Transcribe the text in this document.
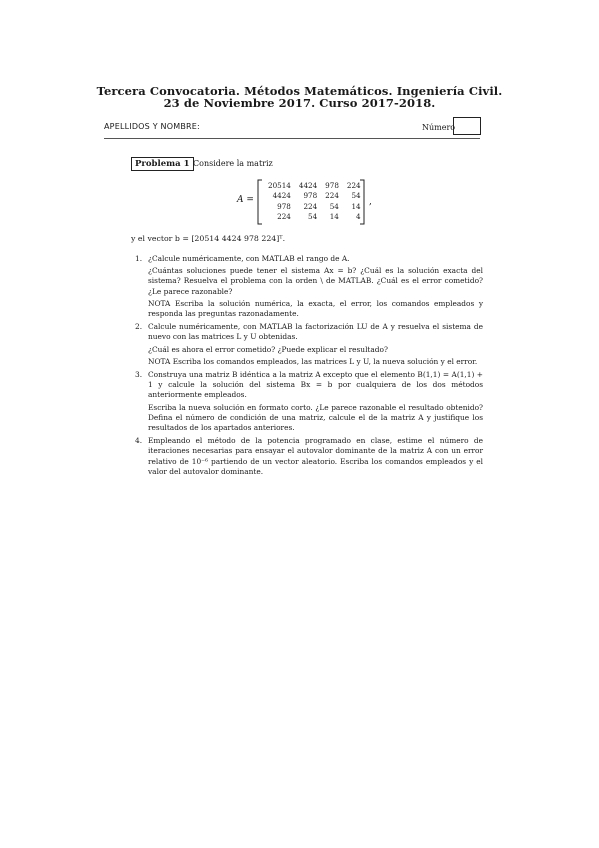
Tercera Convocatoria. Métodos Matemáticos. Ingeniería Civil.
23 de Noviembre 2017. Curso 2017-2018.
APELLIDOS Y NOMBRE:	Número
Problema 1 Considere la matriz
A =
20514	4424	978	224
4424	978	224	54
978	224	54	14
224	54	14	4
,
y el vector b = [20514 4424 978 224]ᵀ.
1. ¿Calcule numéricamente, con MATLAB el rango de A.

¿Cuántas soluciones puede tener el sistema Ax = b? ¿Cuál es la solución exacta del sistema? Resuelva el problema con la orden \ de MATLAB. ¿Cuál es el error cometido? ¿Le parece razonable?

NOTA Escriba la solución numérica, la exacta, el error, los comandos empleados y responda las preguntas razonadamente.

2. Calcule numéricamente, con MATLAB la factorización LU de A y resuelva el sistema de nuevo con las matrices L y U obtenidas.

¿Cuál es ahora el error cometido? ¿Puede explicar el resultado?

NOTA Escriba los comandos empleados, las matrices L y U, la nueva solución y el error.

3. Construya una matriz B idéntica a la matriz A excepto que el elemento B(1,1) = A(1,1) + 1 y calcule la solución del sistema Bx = b por cualquiera de los dos métodos anteriormente empleados.

Escriba la nueva solución en formato corto. ¿Le parece razonable el resultado obtenido? Defina el número de condición de una matriz, calcule el de la matriz A y justifique los resultados de los apartados anteriores.

4. Empleando el método de la potencia programado en clase, estime el número de iteraciones necesarias para ensayar el autovalor dominante de la matriz A con un error relativo de 10⁻⁶ partiendo de un vector aleatorio. Escriba los comandos empleados y el valor del autovalor dominante.
